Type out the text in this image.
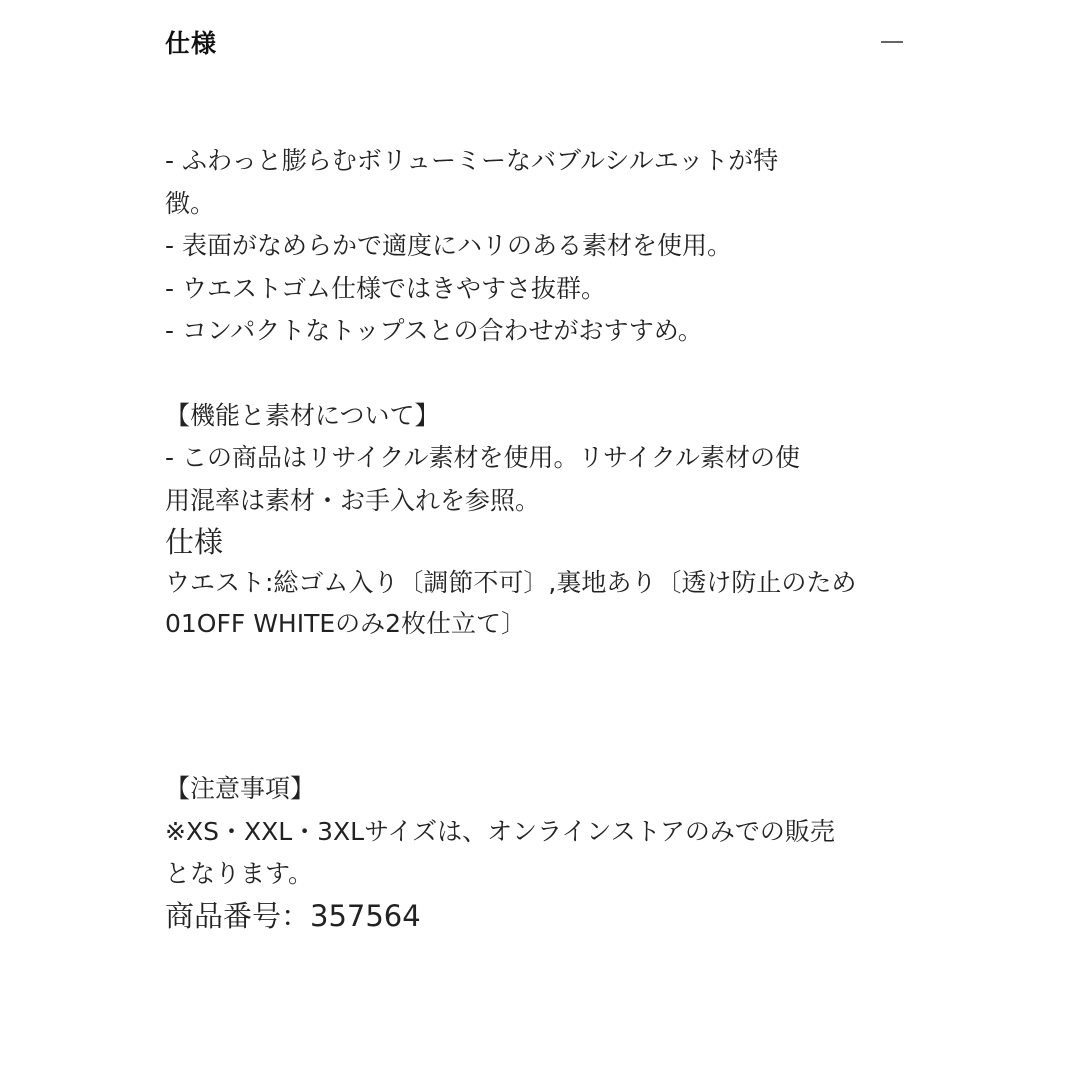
仕様

- ふわっと膨らむボリューミーなバブルシルエットが特

徴。

- 表面がなめらかで適度にハリのある素材を使用。

- ウエストゴム仕様ではきやすさ抜群。

- コンパクトなトップスとの合わせがおすすめ。

【機能と素材について】

- この商品はリサイクル素材を使用。リサイクル素材の使

用混率は素材・お手入れを参照。

仕様

ウエスト:総ゴム入り〔調節不可〕,裏地あり〔透け防止のため

01OFF WHITEのみ2枚仕立て〕

【注意事項】

※XS・XXL・3XLサイズは、オンラインストアのみでの販売

となります。

商品番号：357564
